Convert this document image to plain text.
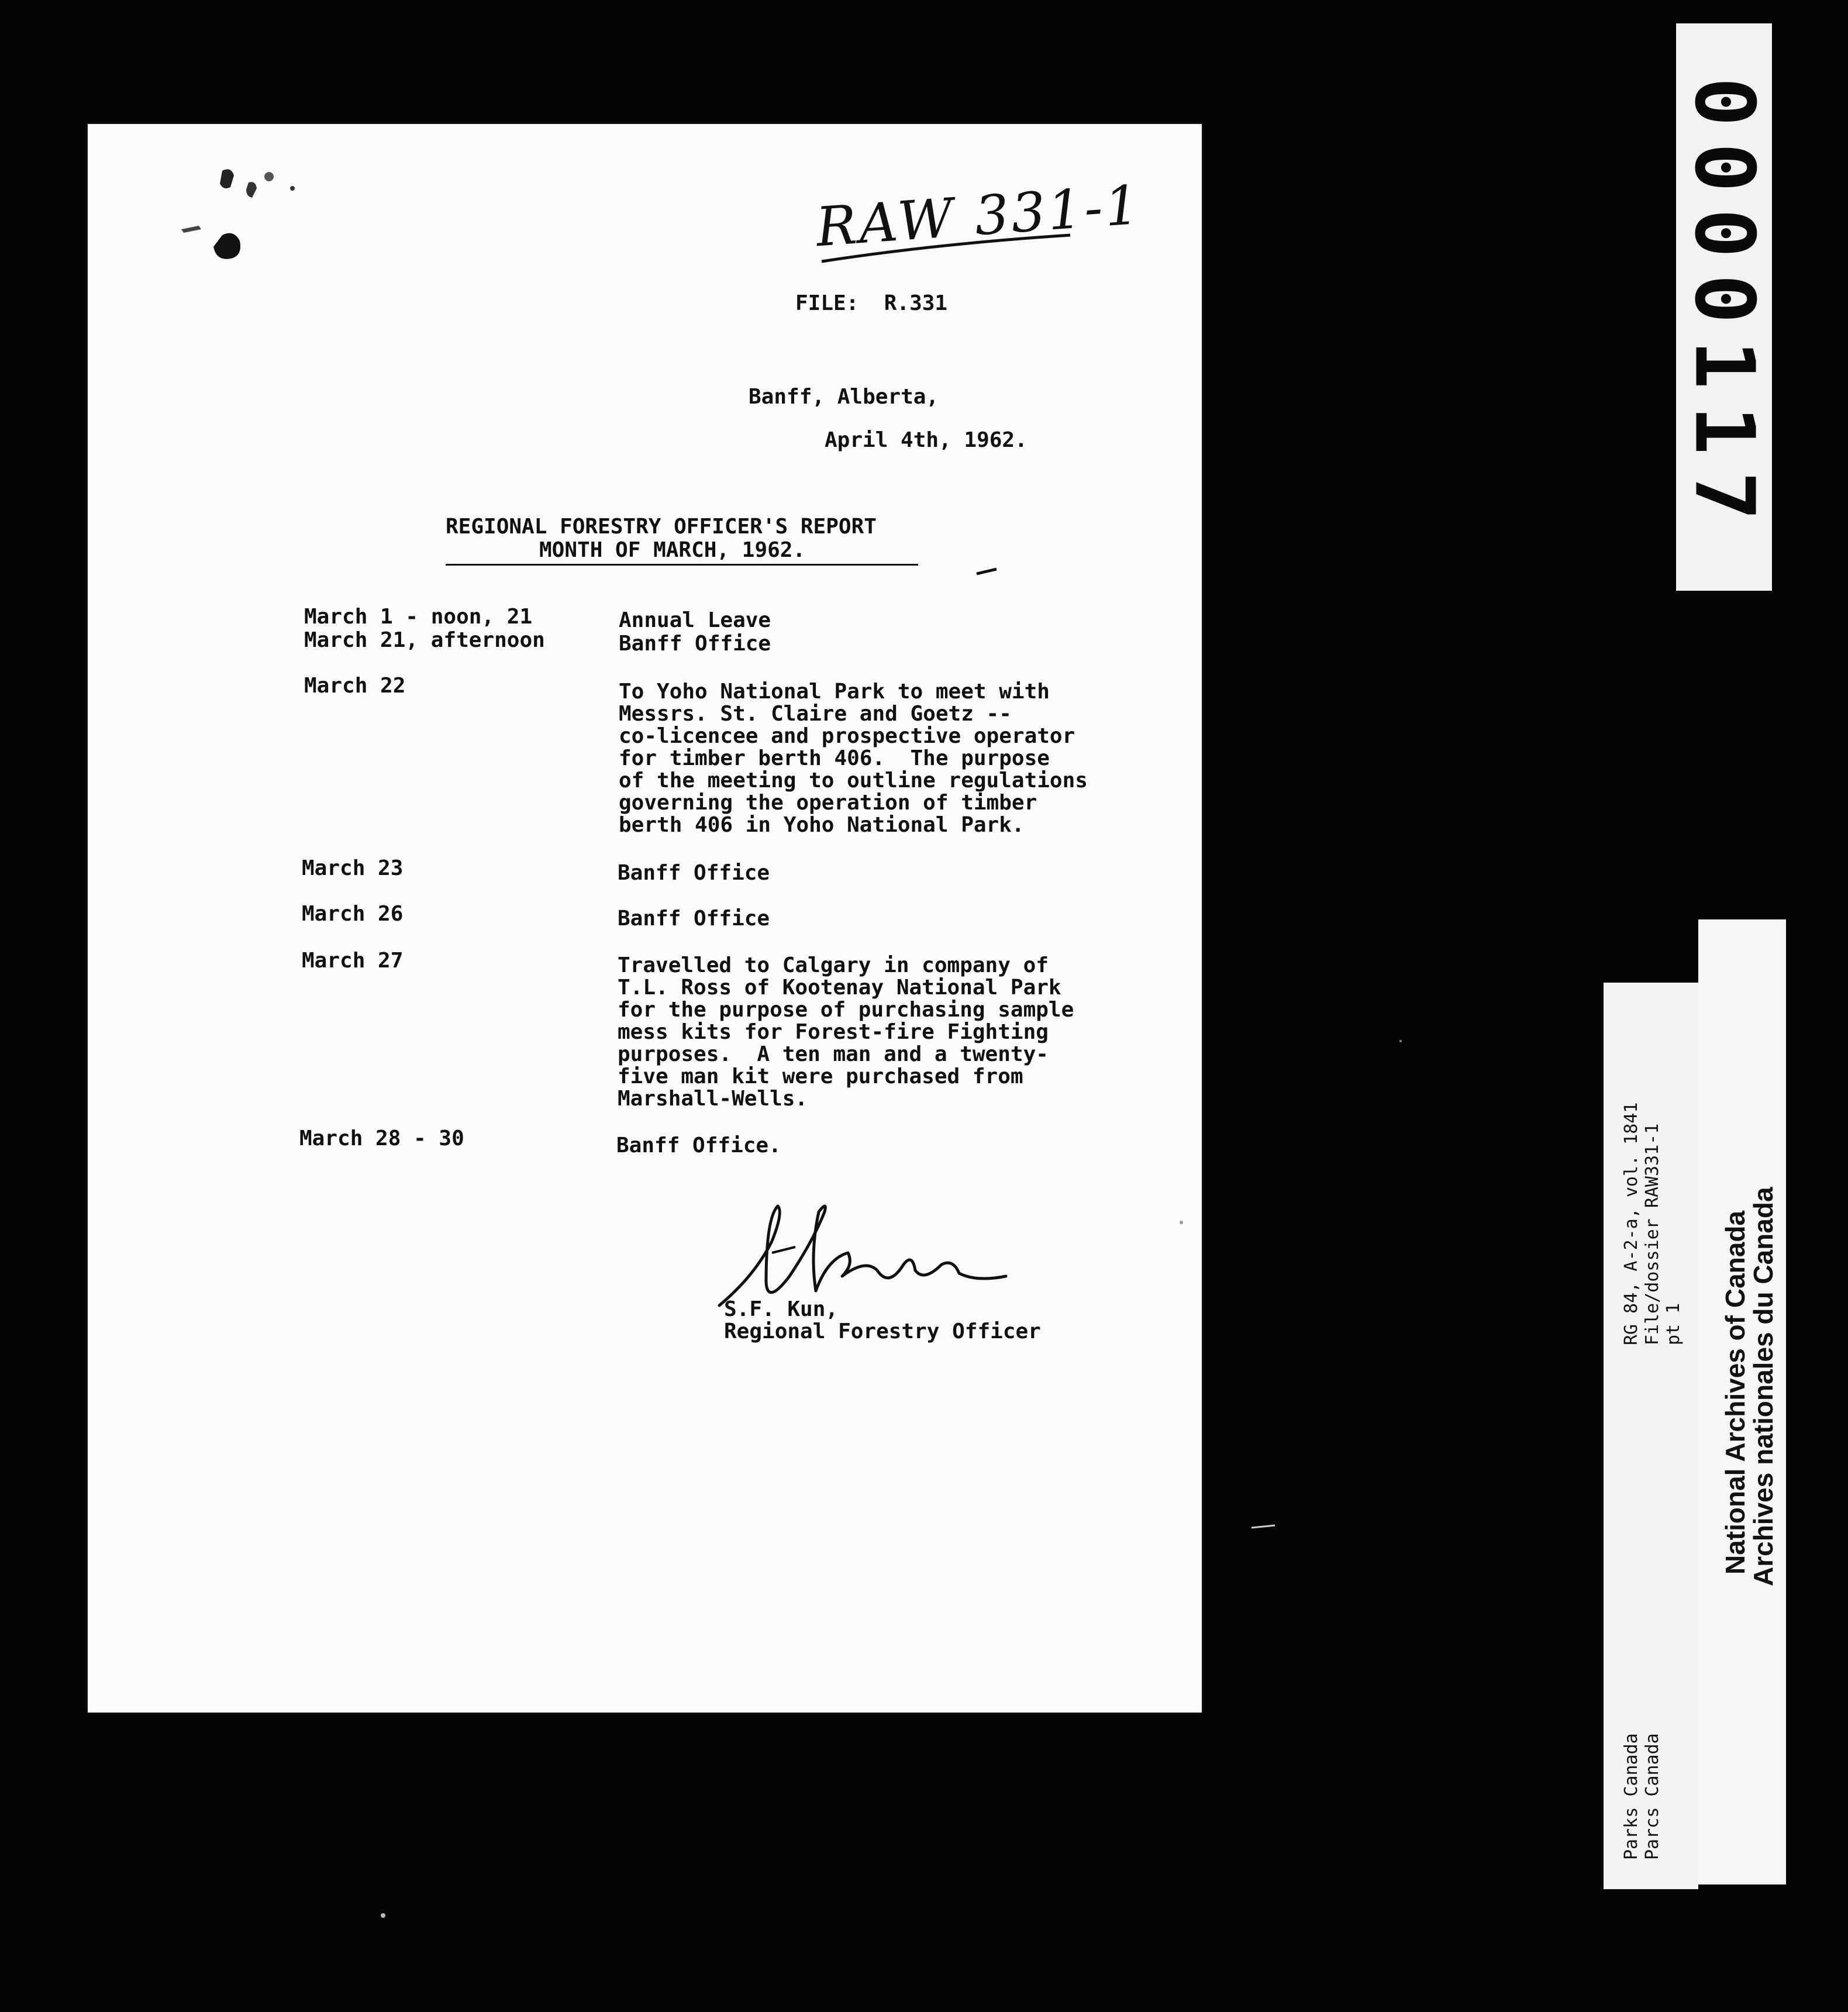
RAW 331-1
FILE:  R.331
Banff, Alberta,
April 4th, 1962.
REGIONAL FORESTRY OFFICER'S REPORT
MONTH OF MARCH, 1962.
March 1 - noon, 21	Annual Leave
March 21, afternoon	Banff Office
March 22	To Yoho National Park to meet with
Messrs. St. Claire and Goetz --
co-licencee and prospective operator
for timber berth 406.  The purpose
of the meeting to outline regulations
governing the operation of timber
berth 406 in Yoho National Park.
March 23	Banff Office
March 26	Banff Office
March 27	Travelled to Calgary in company of
T.L. Ross of Kootenay National Park
for the purpose of purchasing sample
mess kits for Forest-fire Fighting
purposes.  A ten man and a twenty-
five man kit were purchased from
Marshall-Wells.
March 28 - 30	Banff Office.
S.F. Kun,
Regional Forestry Officer
0000117
Parks Canada Parcs Canada
RG 84, A-2-a, vol. 1841 File/dossier RAW331-1 pt 1 National Archives of Canada
Archives nationales du Canada
